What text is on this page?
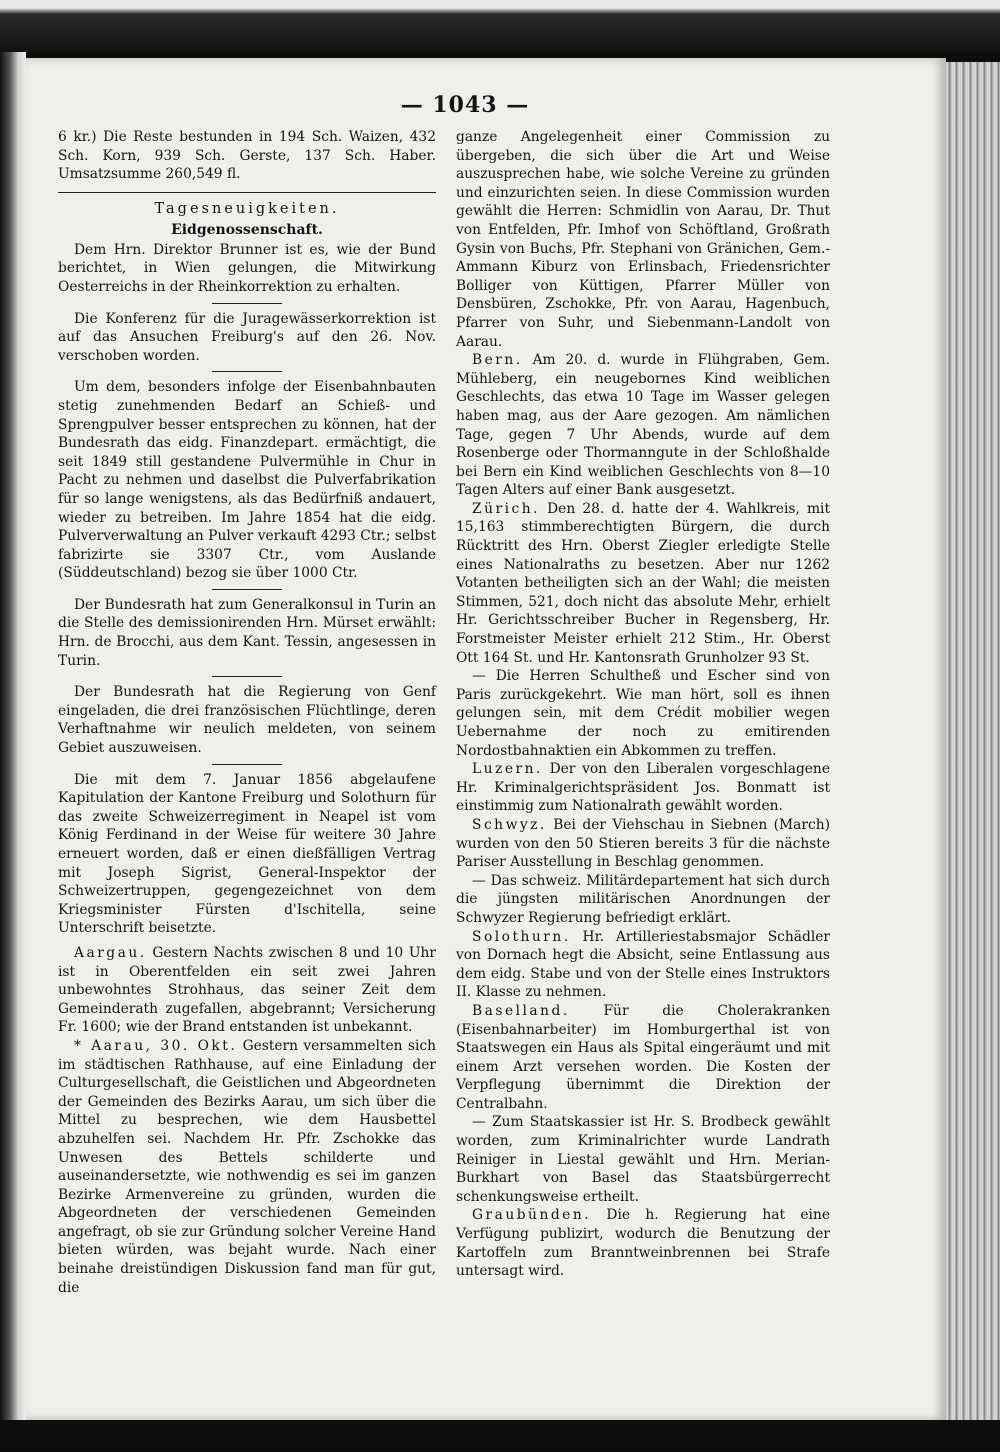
— 1043 —

6 kr.) Die Reste bestunden in 194 Sch. Waizen, 432 Sch. Korn, 939 Sch. Gerste, 137 Sch. Haber. Umsatzsumme 260,549 fl.

Tagesneuigkeiten.
Eidgenossenschaft.

Dem Hrn. Direktor Brunner ist es, wie der Bund berichtet, in Wien gelungen, die Mitwirkung Oesterreichs in der Rheinkorrektion zu erhalten.

Die Konferenz für die Juragewässerkorrektion ist auf das Ansuchen Freiburg's auf den 26. Nov. verschoben worden.

Um dem, besonders infolge der Eisenbahnbauten stetig zunehmenden Bedarf an Schieß- und Sprengpulver besser entsprechen zu können, hat der Bundesrath das eidg. Finanzdepart. ermächtigt, die seit 1849 still gestandene Pulvermühle in Chur in Pacht zu nehmen und daselbst die Pulverfabrikation für so lange wenigstens, als das Bedürfniß andauert, wieder zu betreiben. Im Jahre 1854 hat die eidg. Pulververwaltung an Pulver verkauft 4293 Ctr.; selbst fabrizirte sie 3307 Ctr., vom Auslande (Süddeutschland) bezog sie über 1000 Ctr.

Der Bundesrath hat zum Generalkonsul in Turin an die Stelle des demissionirenden Hrn. Mürset erwählt: Hrn. de Brocchi, aus dem Kant. Tessin, angesessen in Turin.

Der Bundesrath hat die Regierung von Genf eingeladen, die drei französischen Flüchtlinge, deren Verhaftnahme wir neulich meldeten, von seinem Gebiet auszuweisen.

Die mit dem 7. Januar 1856 abgelaufene Kapitulation der Kantone Freiburg und Solothurn für das zweite Schweizerregiment in Neapel ist vom König Ferdinand in der Weise für weitere 30 Jahre erneuert worden, daß er einen dießfälligen Vertrag mit Joseph Sigrist, General-Inspektor der Schweizertruppen, gegengezeichnet von dem Kriegsminister Fürsten d'Ischitella, seine Unterschrift beisetzte.

Aargau. Gestern Nachts zwischen 8 und 10 Uhr ist in Oberentfelden ein seit zwei Jahren unbewohntes Strohhaus, das seiner Zeit dem Gemeinderath zugefallen, abgebrannt; Versicherung Fr. 1600; wie der Brand entstanden ist unbekannt.

* Aarau, 30. Okt. Gestern versammelten sich im städtischen Rathhause, auf eine Einladung der Culturgesellschaft, die Geistlichen und Abgeordneten der Gemeinden des Bezirks Aarau, um sich über die Mittel zu besprechen, wie dem Hausbettel abzuhelfen sei. Nachdem Hr. Pfr. Zschokke das Unwesen des Bettels schilderte und auseinandersetzte, wie nothwendig es sei im ganzen Bezirke Armenvereine zu gründen, wurden die Abgeordneten der verschiedenen Gemeinden angefragt, ob sie zur Gründung solcher Vereine Hand bieten würden, was bejaht wurde. Nach einer beinahe dreistündigen Diskussion fand man für gut, die

ganze Angelegenheit einer Commission zu übergeben, die sich über die Art und Weise auszusprechen habe, wie solche Vereine zu gründen und einzurichten seien. In diese Commission wurden gewählt die Herren: Schmidlin von Aarau, Dr. Thut von Entfelden, Pfr. Imhof von Schöftland, Großrath Gysin von Buchs, Pfr. Stephani von Gränichen, Gem.-Ammann Kiburz von Erlinsbach, Friedensrichter Bolliger von Küttigen, Pfarrer Müller von Densbüren, Zschokke, Pfr. von Aarau, Hagenbuch, Pfarrer von Suhr, und Siebenmann-Landolt von Aarau.

Bern. Am 20. d. wurde in Flühgraben, Gem. Mühleberg, ein neugebornes Kind weiblichen Geschlechts, das etwa 10 Tage im Wasser gelegen haben mag, aus der Aare gezogen. Am nämlichen Tage, gegen 7 Uhr Abends, wurde auf dem Rosenberge oder Thormanngute in der Schloßhalde bei Bern ein Kind weiblichen Geschlechts von 8—10 Tagen Alters auf einer Bank ausgesetzt.

Zürich. Den 28. d. hatte der 4. Wahlkreis, mit 15,163 stimmberechtigten Bürgern, die durch Rücktritt des Hrn. Oberst Ziegler erledigte Stelle eines Nationalraths zu besetzen. Aber nur 1262 Votanten betheiligten sich an der Wahl; die meisten Stimmen, 521, doch nicht das absolute Mehr, erhielt Hr. Gerichtsschreiber Bucher in Regensberg, Hr. Forstmeister Meister erhielt 212 Stim., Hr. Oberst Ott 164 St. und Hr. Kantonsrath Grunholzer 93 St.

— Die Herren Schultheß und Escher sind von Paris zurückgekehrt. Wie man hört, soll es ihnen gelungen sein, mit dem Crédit mobilier wegen Uebernahme der noch zu emitirenden Nordostbahnaktien ein Abkommen zu treffen.

Luzern. Der von den Liberalen vorgeschlagene Hr. Kriminalgerichtspräsident Jos. Bonmatt ist einstimmig zum Nationalrath gewählt worden.

Schwyz. Bei der Viehschau in Siebnen (March) wurden von den 50 Stieren bereits 3 für die nächste Pariser Ausstellung in Beschlag genommen.

— Das schweiz. Militärdepartement hat sich durch die jüngsten militärischen Anordnungen der Schwyzer Regierung befriedigt erklärt.

Solothurn. Hr. Artilleriestabsmajor Schädler von Dornach hegt die Absicht, seine Entlassung aus dem eidg. Stabe und von der Stelle eines Instruktors II. Klasse zu nehmen.

Baselland. Für die Cholerakranken (Eisenbahnarbeiter) im Homburgerthal ist von Staatswegen ein Haus als Spital eingeräumt und mit einem Arzt versehen worden. Die Kosten der Verpflegung übernimmt die Direktion der Centralbahn.

— Zum Staatskassier ist Hr. S. Brodbeck gewählt worden, zum Kriminalrichter wurde Landrath Reiniger in Liestal gewählt und Hrn. Merian-Burkhart von Basel das Staatsbürgerrecht schenkungsweise ertheilt.

Graubünden. Die h. Regierung hat eine Verfügung publizirt, wodurch die Benutzung der Kartoffeln zum Branntweinbrennen bei Strafe untersagt wird.
